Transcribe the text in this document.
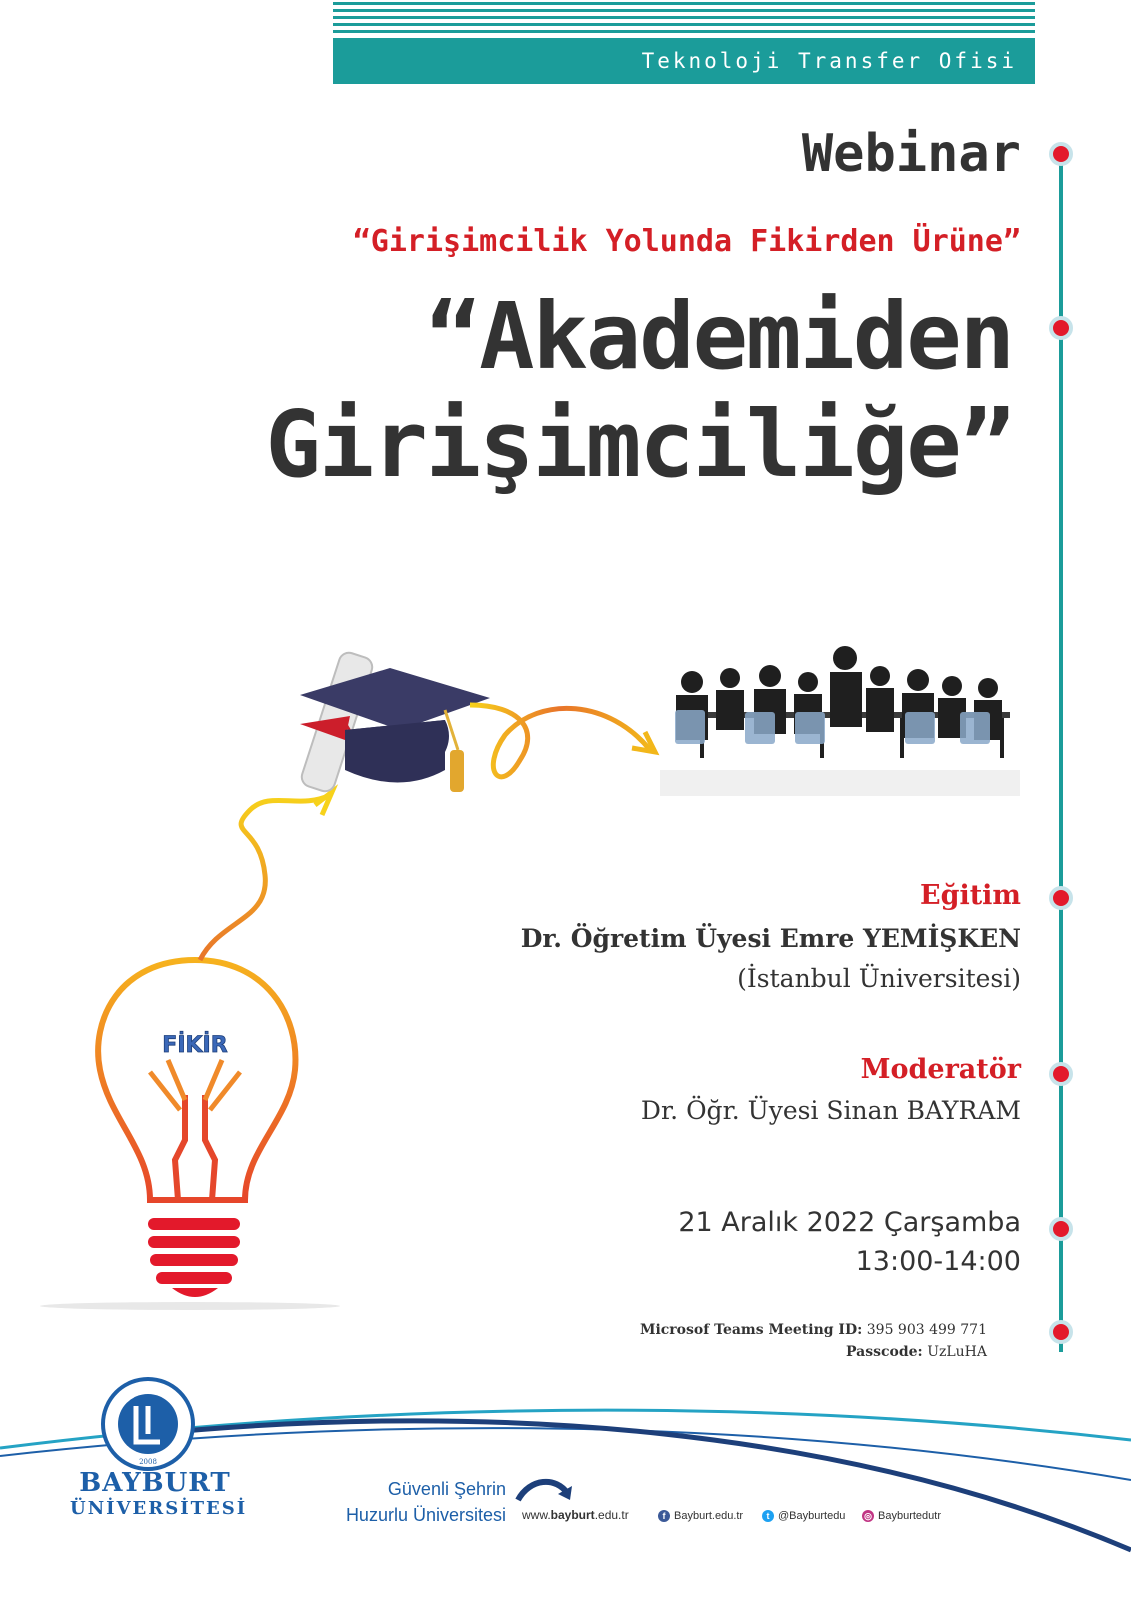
Teknoloji Transfer Ofisi
Webinar
“Girişimcilik Yolunda Fikirden Ürüne”
“Akademiden
Girişimciliğe”
FİKİR
Eğitim
Dr. Öğretim Üyesi Emre YEMİŞKEN
(İstanbul Üniversitesi)
Moderatör
Dr. Öğr. Üyesi Sinan BAYRAM
21 Aralık 2022 Çarşamba
13:00-14:00
Microsof Teams Meeting ID: 395 903 499 771
Passcode: UzLuHA
2008
BAYBURT
ÜNİVERSİTESİ
Güvenli Şehrin
Huzurlu Üniversitesi www.bayburt.edu.tr	f Bayburt.edu.tr	t @Bayburtedu ◎ Bayburtedutr
